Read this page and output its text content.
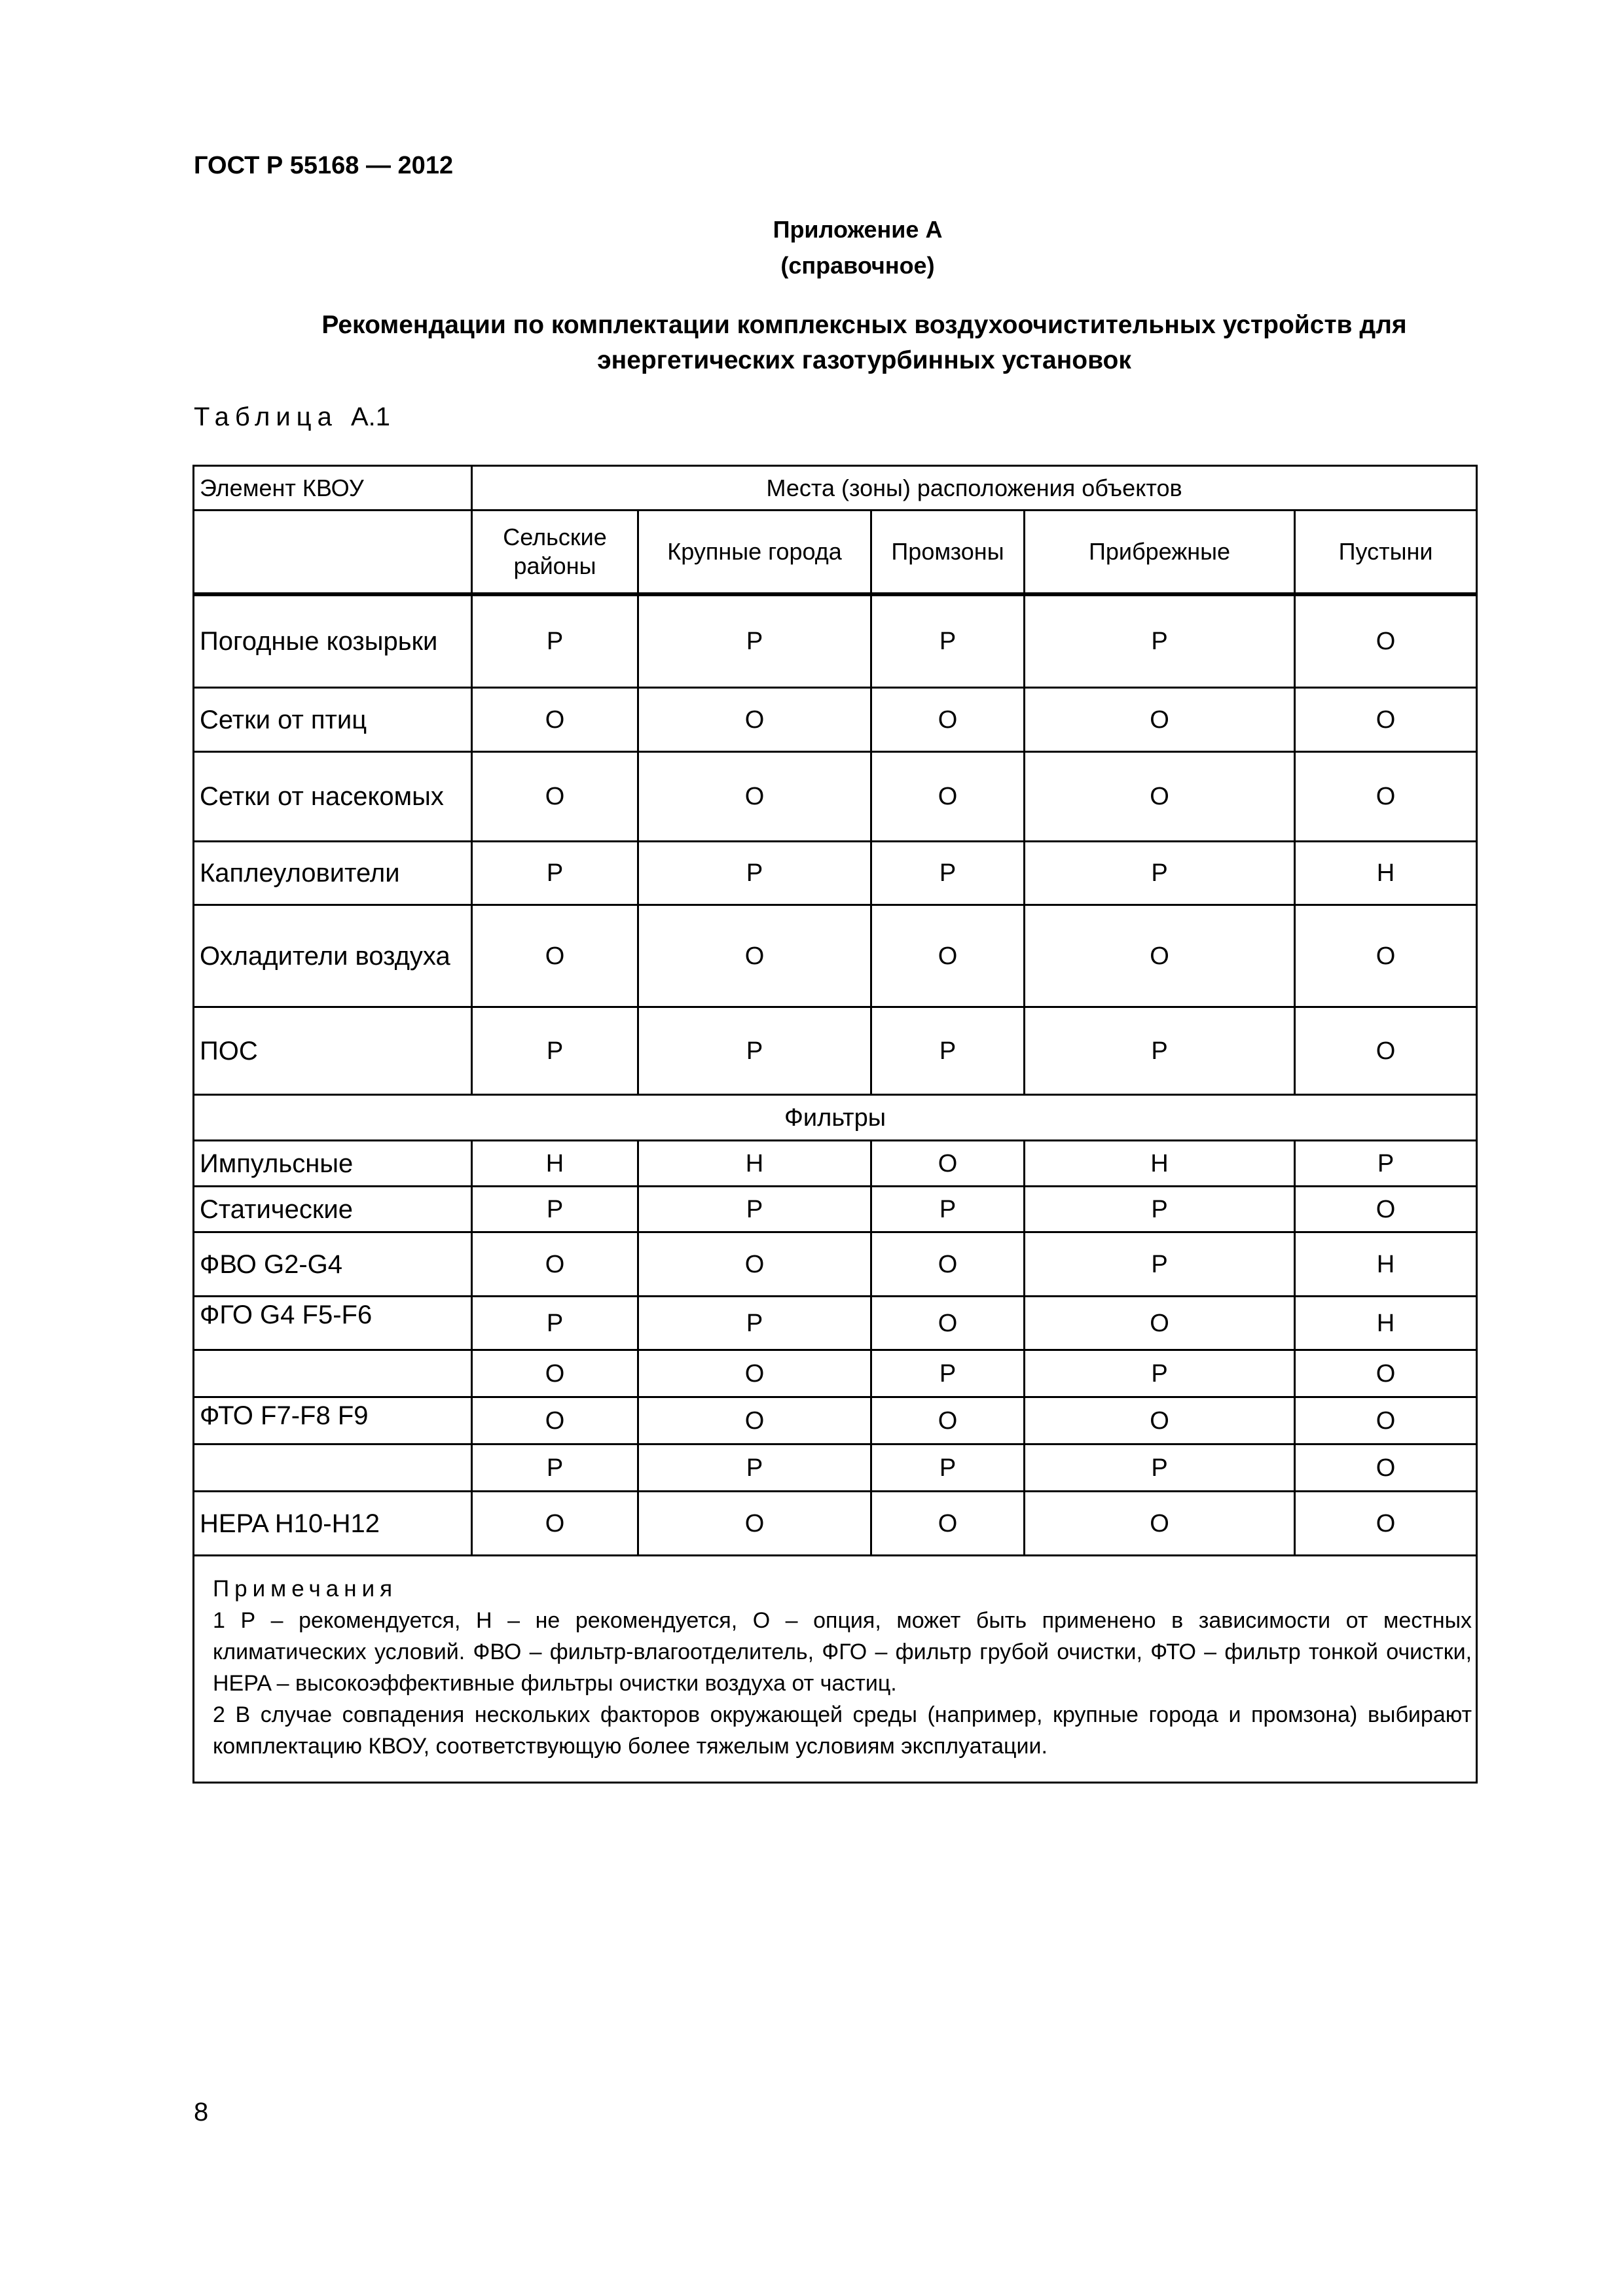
ГОСТ Р 55168 — 2012
Приложение А
(справочное)
Рекомендации по комплектации комплексных воздухоочистительных устройств для энергетических газотурбинных установок
Таблица А.1
Элемент КВОУ	Места (зоны) расположения объектов				
	Сельские районы	Крупные города	Промзоны	Прибрежные	Пустыни
Погодные козырьки	Р	Р	Р	Р	О
Сетки от птиц	О	О	О	О	О
Сетки от насекомых	О	О	О	О	О
Каплеуловители	Р	Р	Р	Р	Н
Охладители воздуха	О	О	О	О	О
ПОС	Р	Р	Р	Р	О
Фильтры					
Импульсные	Н	Н	О	Н	Р
Статические	Р	Р	Р	Р	О
ФВО G2-G4	О	О	О	Р	Н

ФГО G4 F5-F6	Р	Р	О	О	Н
	О	О	Р	Р	О

ФТО F7-F8 F9	О	О	О	О	О
	Р	Р	Р	Р	О
HEPA H10-H12	О	О	О	О	О

Примечания

1 Р – рекомендуется, Н – не рекомендуется, О – опция, может быть применено в зависимости от местных климатических условий. ФВО – фильтр-влагоотделитель, ФГО – фильтр грубой очистки, ФТО – фильтр тонкой очистки, HEPA – высокоэффективные фильтры очистки воздуха от частиц.

2 В случае совпадения нескольких факторов окружающей среды (например, крупные города и промзона) выбирают комплектацию КВОУ, соответствующую более тяжелым условиям эксплуатации.					

8
